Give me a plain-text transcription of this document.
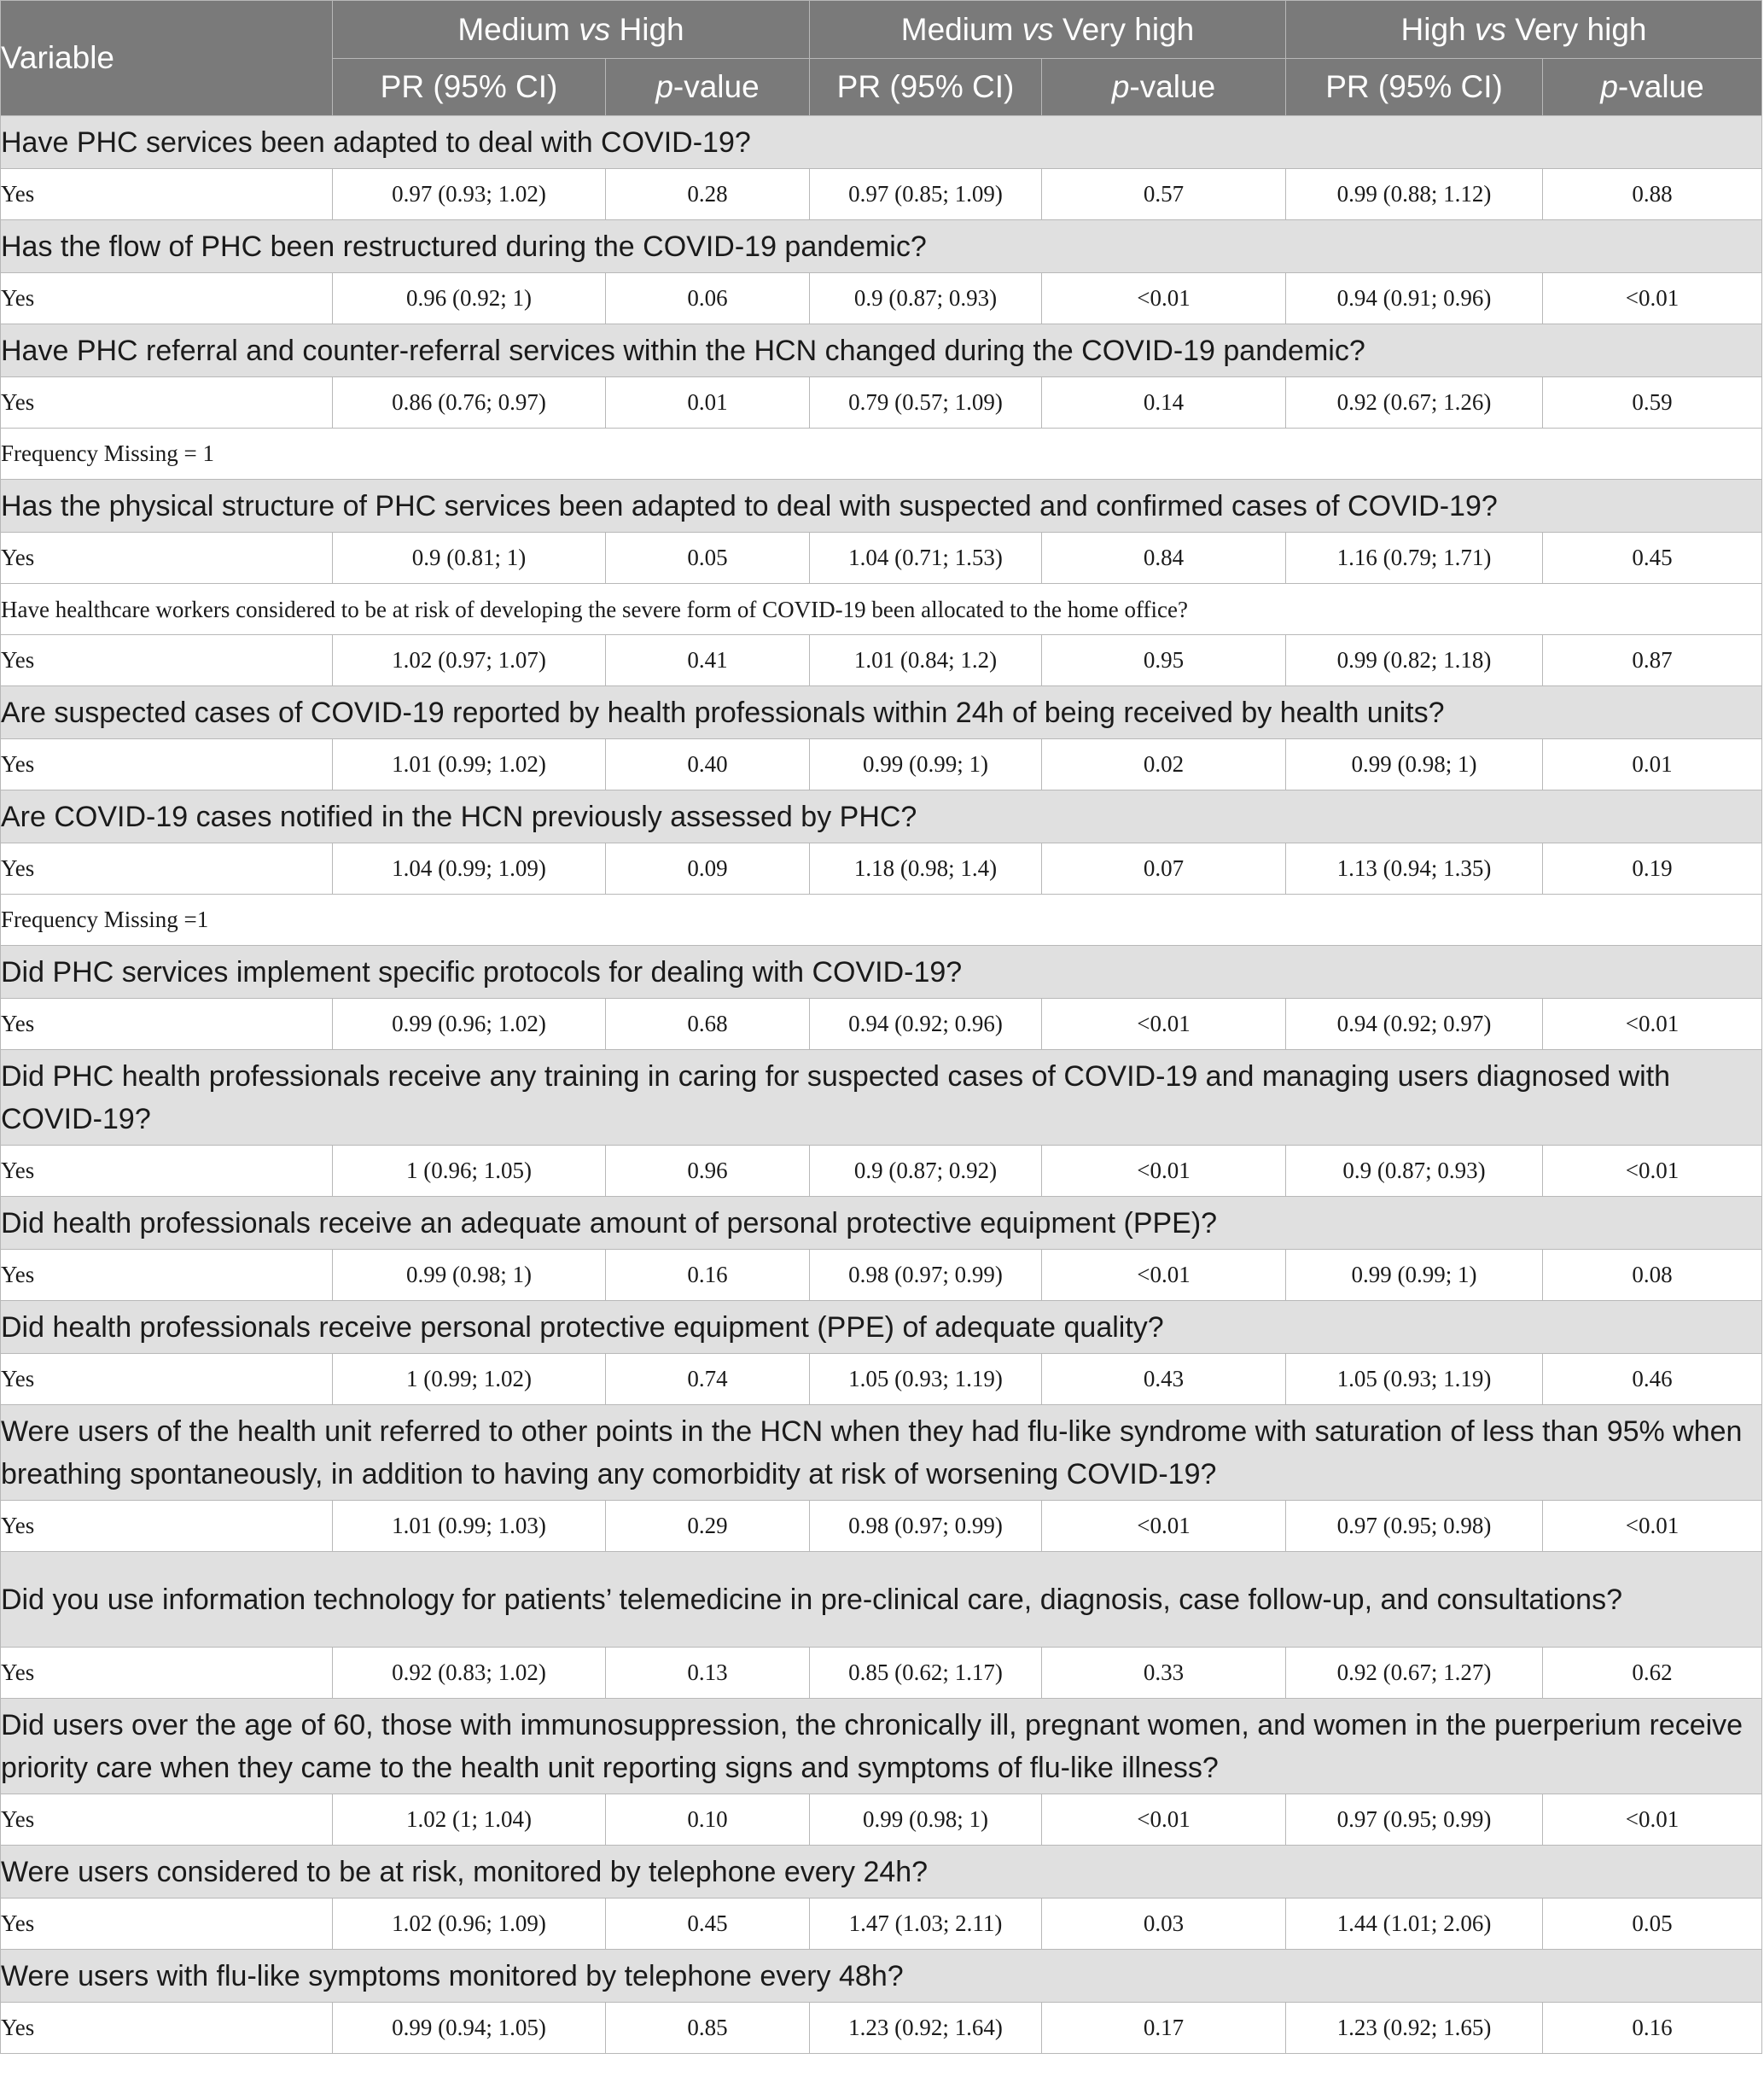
Variable	Medium vs High		Medium vs Very high		High vs Very high	
	PR (95% CI)	p-value	PR (95% CI)	p-value	PR (95% CI)	p-value
Have PHC services been adapted to deal with COVID-19?						
Yes	0.97 (0.93; 1.02)	0.28	0.97 (0.85; 1.09)	0.57	0.99 (0.88; 1.12)	0.88
Has the flow of PHC been restructured during the COVID-19 pandemic?						
Yes	0.96 (0.92; 1)	0.06	0.9 (0.87; 0.93)	<0.01	0.94 (0.91; 0.96)	<0.01
Have PHC referral and counter-referral services within the HCN changed during the COVID-19 pandemic?						
Yes	0.86 (0.76; 0.97)	0.01	0.79 (0.57; 1.09)	0.14	0.92 (0.67; 1.26)	0.59
Frequency Missing = 1						
Has the physical structure of PHC services been adapted to deal with suspected and confirmed cases of COVID-19?						
Yes	0.9 (0.81; 1)	0.05	1.04 (0.71; 1.53)	0.84	1.16 (0.79; 1.71)	0.45
Have healthcare workers considered to be at risk of developing the severe form of COVID-19 been allocated to the home office?						
Yes	1.02 (0.97; 1.07)	0.41	1.01 (0.84; 1.2)	0.95	0.99 (0.82; 1.18)	0.87
Are suspected cases of COVID-19 reported by health professionals within 24h of being received by health units?						
Yes	1.01 (0.99; 1.02)	0.40	0.99 (0.99; 1)	0.02	0.99 (0.98; 1)	0.01
Are COVID-19 cases notified in the HCN previously assessed by PHC?						
Yes	1.04 (0.99; 1.09)	0.09	1.18 (0.98; 1.4)	0.07	1.13 (0.94; 1.35)	0.19
Frequency Missing =1						
Did PHC services implement specific protocols for dealing with COVID-19?						
Yes	0.99 (0.96; 1.02)	0.68	0.94 (0.92; 0.96)	<0.01	0.94 (0.92; 0.97)	<0.01
Did PHC health professionals receive any training in caring for suspected cases of COVID-19 and managing users diagnosed with COVID-19?						
Yes	1 (0.96; 1.05)	0.96	0.9 (0.87; 0.92)	<0.01	0.9 (0.87; 0.93)	<0.01
Did health professionals receive an adequate amount of personal protective equipment (PPE)?						
Yes	0.99 (0.98; 1)	0.16	0.98 (0.97; 0.99)	<0.01	0.99 (0.99; 1)	0.08
Did health professionals receive personal protective equipment (PPE) of adequate quality?						
Yes	1 (0.99; 1.02)	0.74	1.05 (0.93; 1.19)	0.43	1.05 (0.93; 1.19)	0.46
Were users of the health unit referred to other points in the HCN when they had flu-like syndrome with saturation of less than 95% when breathing spontaneously, in addition to having any comorbidity at risk of worsening COVID-19?						
Yes	1.01 (0.99; 1.03)	0.29	0.98 (0.97; 0.99)	<0.01	0.97 (0.95; 0.98)	<0.01
Did you use information technology for patients’ telemedicine in pre-clinical care, diagnosis, case follow-up, and consultations?						
Yes	0.92 (0.83; 1.02)	0.13	0.85 (0.62; 1.17)	0.33	0.92 (0.67; 1.27)	0.62
Did users over the age of 60, those with immunosuppression, the chronically ill, pregnant women, and women in the puerperium receive priority care when they came to the health unit reporting signs and symptoms of flu-like illness?						
Yes	1.02 (1; 1.04)	0.10	0.99 (0.98; 1)	<0.01	0.97 (0.95; 0.99)	<0.01
Were users considered to be at risk, monitored by telephone every 24h?						
Yes	1.02 (0.96; 1.09)	0.45	1.47 (1.03; 2.11)	0.03	1.44 (1.01; 2.06)	0.05
Were users with flu-like symptoms monitored by telephone every 48h?						
Yes	0.99 (0.94; 1.05)	0.85	1.23 (0.92; 1.64)	0.17	1.23 (0.92; 1.65)	0.16
